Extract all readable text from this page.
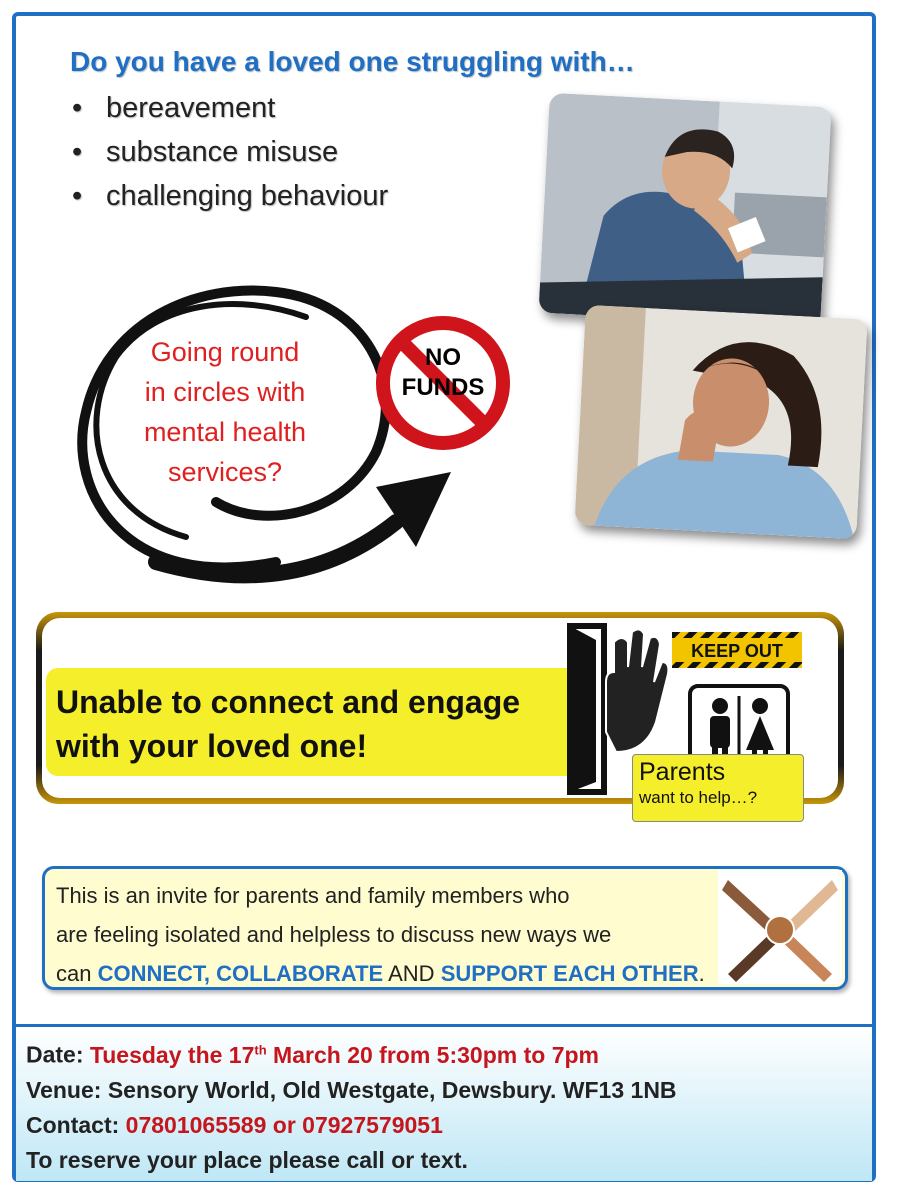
Do you have a loved one struggling with…
• bereavement
• substance misuse
• challenging behaviour

Going round
in circles with
mental health
services?

NO
FUNDS

Unable to connect and engage
with your loved one!

KEEP OUT
Parents
want to help…?

This is an invite for parents and family members who
are feeling isolated and helpless to discuss new ways we
can CONNECT, COLLABORATE AND SUPPORT EACH OTHER.

Date: Tuesday the 17th March 20 from 5:30pm to 7pm
Venue: Sensory World, Old Westgate, Dewsbury. WF13 1NB
Contact: 07801065589 or 07927579051
To reserve your place please call or text.
